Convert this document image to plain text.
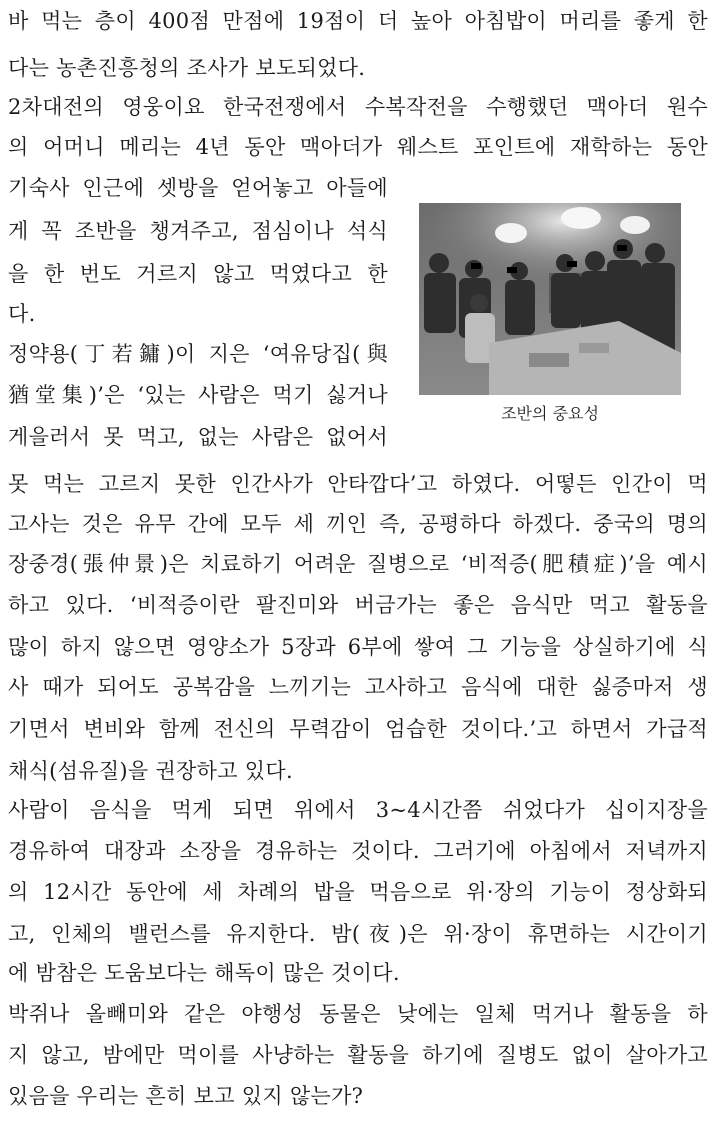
바 먹는 층이 400점 만점에 19점이 더 높아 아침밥이 머리를 좋게 한
다는 농촌진흥청의 조사가 보도되었다.
2차대전의 영웅이요 한국전쟁에서 수복작전을 수행했던 맥아더 원수
의 어머니 메리는 4년 동안 맥아더가 웨스트 포인트에 재학하는 동안
기숙사 인근에 셋방을 얻어놓고 아들에
게 꼭 조반을 챙겨주고, 점심이나 석식
을 한 번도 거르지 않고 먹였다고 한
다.
정약용(丁若鏞)이 지은 ‘여유당집(與
猶堂集)’은 ‘있는 사람은 먹기 싫거나
게을러서 못 먹고, 없는 사람은 없어서
못 먹는 고르지 못한 인간사가 안타깝다’고 하였다. 어떻든 인간이 먹
고사는 것은 유무 간에 모두 세 끼인 즉, 공평하다 하겠다. 중국의 명의
장중경(張仲景)은 치료하기 어려운 질병으로 ‘비적증(肥積症)’을 예시
하고 있다. ‘비적증이란 팔진미와 버금가는 좋은 음식만 먹고 활동을
많이 하지 않으면 영양소가 5장과 6부에 쌓여 그 기능을 상실하기에 식
사 때가 되어도 공복감을 느끼기는 고사하고 음식에 대한 싫증마저 생
기면서 변비와 함께 전신의 무력감이 엄습한 것이다.’고 하면서 가급적
채식(섬유질)을 권장하고 있다.
사람이 음식을 먹게 되면 위에서 3~4시간쯤 쉬었다가 십이지장을
경유하여 대장과 소장을 경유하는 것이다. 그러기에 아침에서 저녁까지
의 12시간 동안에 세 차례의 밥을 먹음으로 위·장의 기능이 정상화되
고, 인체의 밸런스를 유지한다. 밤(夜)은 위·장이 휴면하는 시간이기
에 밤참은 도움보다는 해독이 많은 것이다.
박쥐나 올빼미와 같은 야행성 동물은 낮에는 일체 먹거나 활동을 하
지 않고, 밤에만 먹이를 사냥하는 활동을 하기에 질병도 없이 살아가고
있음을 우리는 흔히 보고 있지 않는가?
조반의 중요성
